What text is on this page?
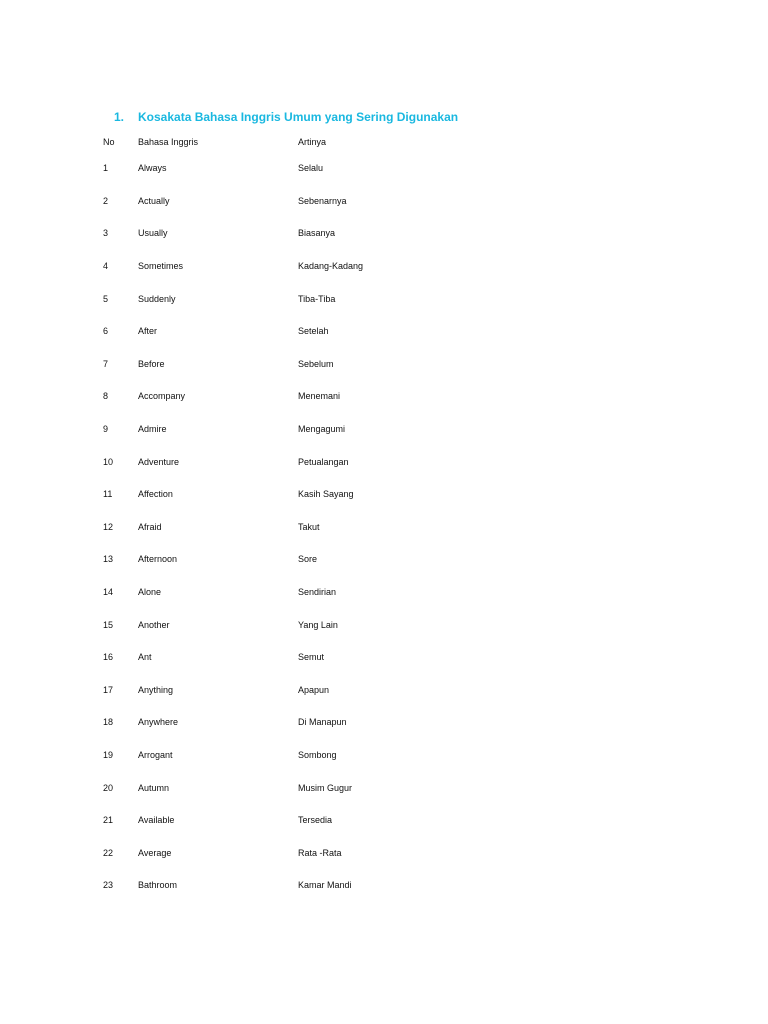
1.	Kosakata Bahasa Inggris Umum yang Sering Digunakan
No	Bahasa Inggris	Artinya
1	Always	Selalu
2	Actually	Sebenarnya
3	Usually	Biasanya
4	Sometimes	Kadang-Kadang
5	Suddenly	Tiba-Tiba
6	After	Setelah
7	Before	Sebelum
8	Accompany	Menemani
9	Admire	Mengagumi
10	Adventure	Petualangan
11	Affection	Kasih Sayang
12	Afraid	Takut
13	Afternoon	Sore
14	Alone	Sendirian
15	Another	Yang Lain
16	Ant	Semut
17	Anything	Apapun
18	Anywhere	Di Manapun
19	Arrogant	Sombong
20	Autumn	Musim Gugur
21	Available	Tersedia
22	Average	Rata -Rata
23	Bathroom	Kamar Mandi
